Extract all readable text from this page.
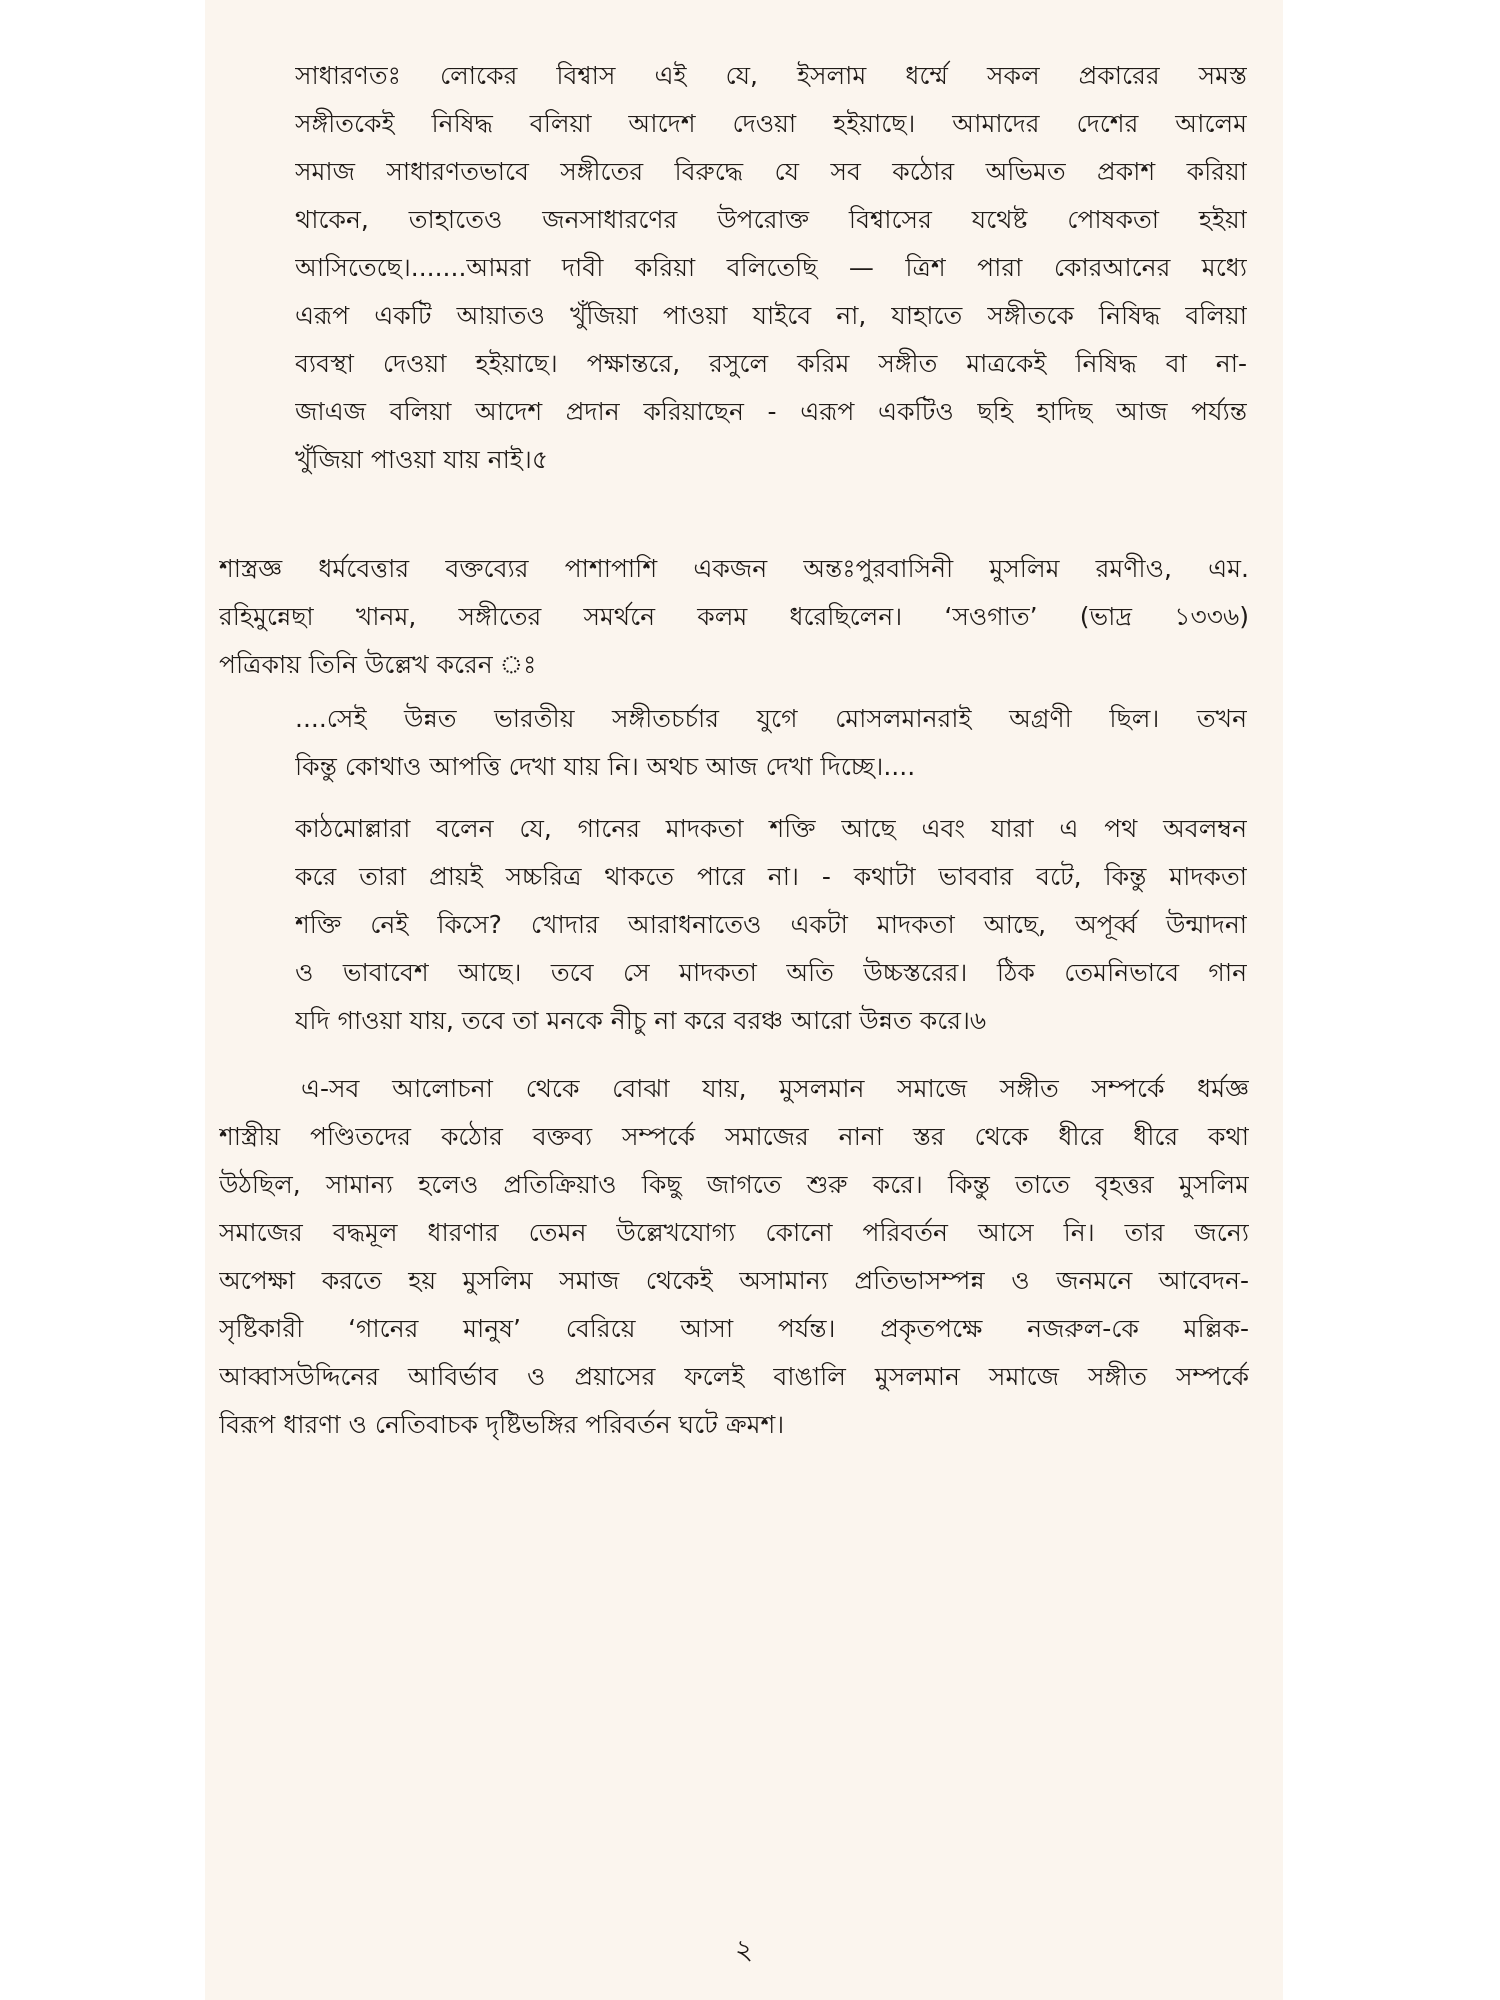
সাধারণতঃ লোকের বিশ্বাস এই যে, ইসলাম ধর্ম্মে সকল প্রকারের সমস্ত
সঙ্গীতকেই নিষিদ্ধ বলিয়া আদেশ দেওয়া হইয়াছে। আমাদের দেশের আলেম
সমাজ সাধারণতভাবে সঙ্গীতের বিরুদ্ধে যে সব কঠোর অভিমত প্রকাশ করিয়া
থাকেন, তাহাতেও জনসাধারণের উপরোক্ত বিশ্বাসের যথেষ্ট পোষকতা হইয়া
আসিতেছে।.......আমরা দাবী করিয়া বলিতেছি — ত্রিশ পারা কোরআনের মধ্যে
এরূপ একটি আয়াতও খুঁজিয়া পাওয়া যাইবে না, যাহাতে সঙ্গীতকে নিষিদ্ধ বলিয়া
ব্যবস্থা দেওয়া হইয়াছে। পক্ষান্তরে, রসুলে করিম সঙ্গীত মাত্রকেই নিষিদ্ধ বা না-
জাএজ বলিয়া আদেশ প্রদান করিয়াছেন - এরূপ একটিও ছহি হাদিছ আজ পর্য্যন্ত
খুঁজিয়া পাওয়া যায় নাই।৫
শাস্ত্রজ্ঞ ধর্মবেত্তার বক্তব্যের পাশাপাশি একজন অন্তঃপুরবাসিনী মুসলিম রমণীও, এম.
রহিমুন্নেছা খানম, সঙ্গীতের সমর্থনে কলম ধরেছিলেন। ‘সওগাত’ (ভাদ্র ১৩৩৬)
পত্রিকায় তিনি উল্লেখ করেন ঃ
....সেই উন্নত ভারতীয় সঙ্গীতচর্চার যুগে মোসলমানরাই অগ্রণী ছিল। তখন
কিন্তু কোথাও আপত্তি দেখা যায় নি। অথচ আজ দেখা দিচ্ছে।....
কাঠমোল্লারা বলেন যে, গানের মাদকতা শক্তি আছে এবং যারা এ পথ অবলম্বন
করে তারা প্রায়ই সচ্চরিত্র থাকতে পারে না। - কথাটা ভাববার বটে, কিন্তু মাদকতা
শক্তি নেই কিসে? খোদার আরাধনাতেও একটা মাদকতা আছে, অপূর্ব্ব উন্মাদনা
ও ভাবাবেশ আছে। তবে সে মাদকতা অতি উচ্চস্তরের। ঠিক তেমনিভাবে গান
যদি গাওয়া যায়, তবে তা মনকে নীচু না করে বরঞ্চ আরো উন্নত করে।৬
এ-সব আলোচনা থেকে বোঝা যায়, মুসলমান সমাজে সঙ্গীত সম্পর্কে ধর্মজ্ঞ
শাস্ত্রীয় পণ্ডিতদের কঠোর বক্তব্য সম্পর্কে সমাজের নানা স্তর থেকে ধীরে ধীরে কথা
উঠছিল, সামান্য হলেও প্রতিক্রিয়াও কিছু জাগতে শুরু করে। কিন্তু তাতে বৃহত্তর মুসলিম
সমাজের বদ্ধমূল ধারণার তেমন উল্লেখযোগ্য কোনো পরিবর্তন আসে নি। তার জন্যে
অপেক্ষা করতে হয় মুসলিম সমাজ থেকেই অসামান্য প্রতিভাসম্পন্ন ও জনমনে আবেদন-
সৃষ্টিকারী ‘গানের মানুষ’ বেরিয়ে আসা পর্যন্ত। প্রকৃতপক্ষে নজরুল-কে মল্লিক-
আব্বাসউদ্দিনের আবির্ভাব ও প্রয়াসের ফলেই বাঙালি মুসলমান সমাজে সঙ্গীত সম্পর্কে
বিরূপ ধারণা ও নেতিবাচক দৃষ্টিভঙ্গির পরিবর্তন ঘটে ক্রমশ।
২
